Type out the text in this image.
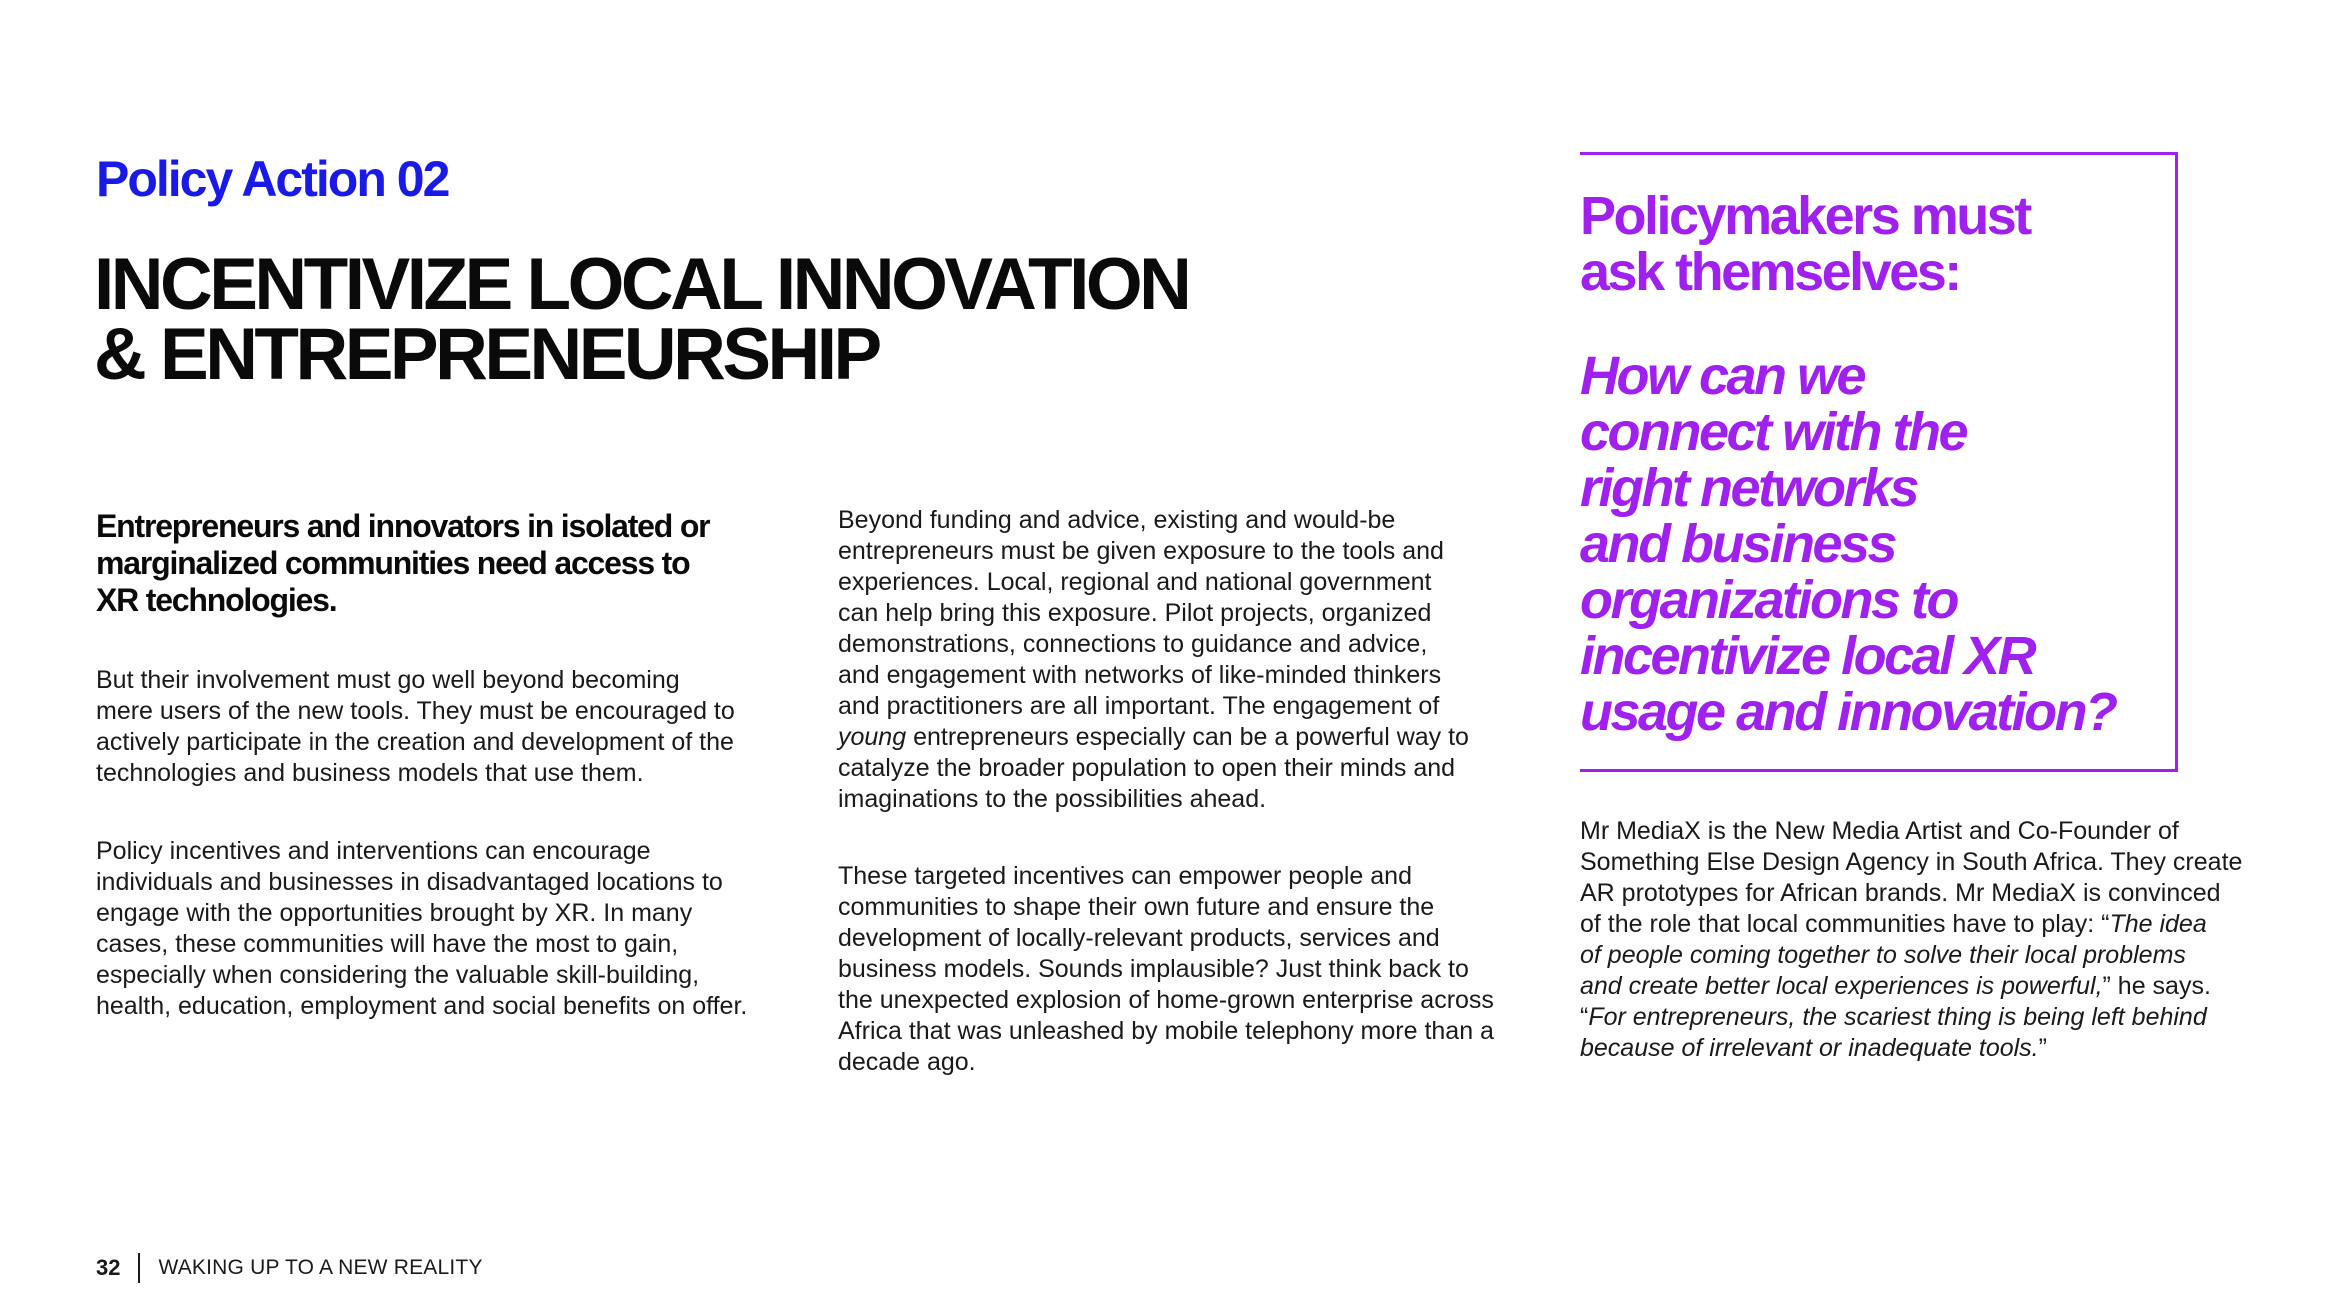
Policy Action 02
INCENTIVIZE LOCAL INNOVATION
& ENTREPRENEURSHIP

Entrepreneurs and innovators in isolated or
marginalized communities need access to
XR technologies.

But their involvement must go well beyond becoming
mere users of the new tools. They must be encouraged to
actively participate in the creation and development of the
technologies and business models that use them.

Policy incentives and interventions can encourage
individuals and businesses in disadvantaged locations to
engage with the opportunities brought by XR. In many
cases, these communities will have the most to gain,
especially when considering the valuable skill-building,
health, education, employment and social benefits on offer.

Beyond funding and advice, existing and would-be
entrepreneurs must be given exposure to the tools and
experiences. Local, regional and national government
can help bring this exposure. Pilot projects, organized
demonstrations, connections to guidance and advice,
and engagement with networks of like-minded thinkers
and practitioners are all important. The engagement of
young entrepreneurs especially can be a powerful way to
catalyze the broader population to open their minds and
imaginations to the possibilities ahead.

These targeted incentives can empower people and
communities to shape their own future and ensure the
development of locally-relevant products, services and
business models. Sounds implausible? Just think back to
the unexpected explosion of home-grown enterprise across
Africa that was unleashed by mobile telephony more than a
decade ago.

Policymakers must
ask themselves:
How can we
connect with the
right networks
and business
organizations to
incentivize local XR
usage and innovation?

Mr MediaX is the New Media Artist and Co-Founder of
Something Else Design Agency in South Africa. They create
AR prototypes for African brands. Mr MediaX is convinced
of the role that local communities have to play: “The idea
of people coming together to solve their local problems
and create better local experiences is powerful,” he says.
“For entrepreneurs, the scariest thing is being left behind
because of irrelevant or inadequate tools.”

32 WAKING UP TO A NEW REALITY
